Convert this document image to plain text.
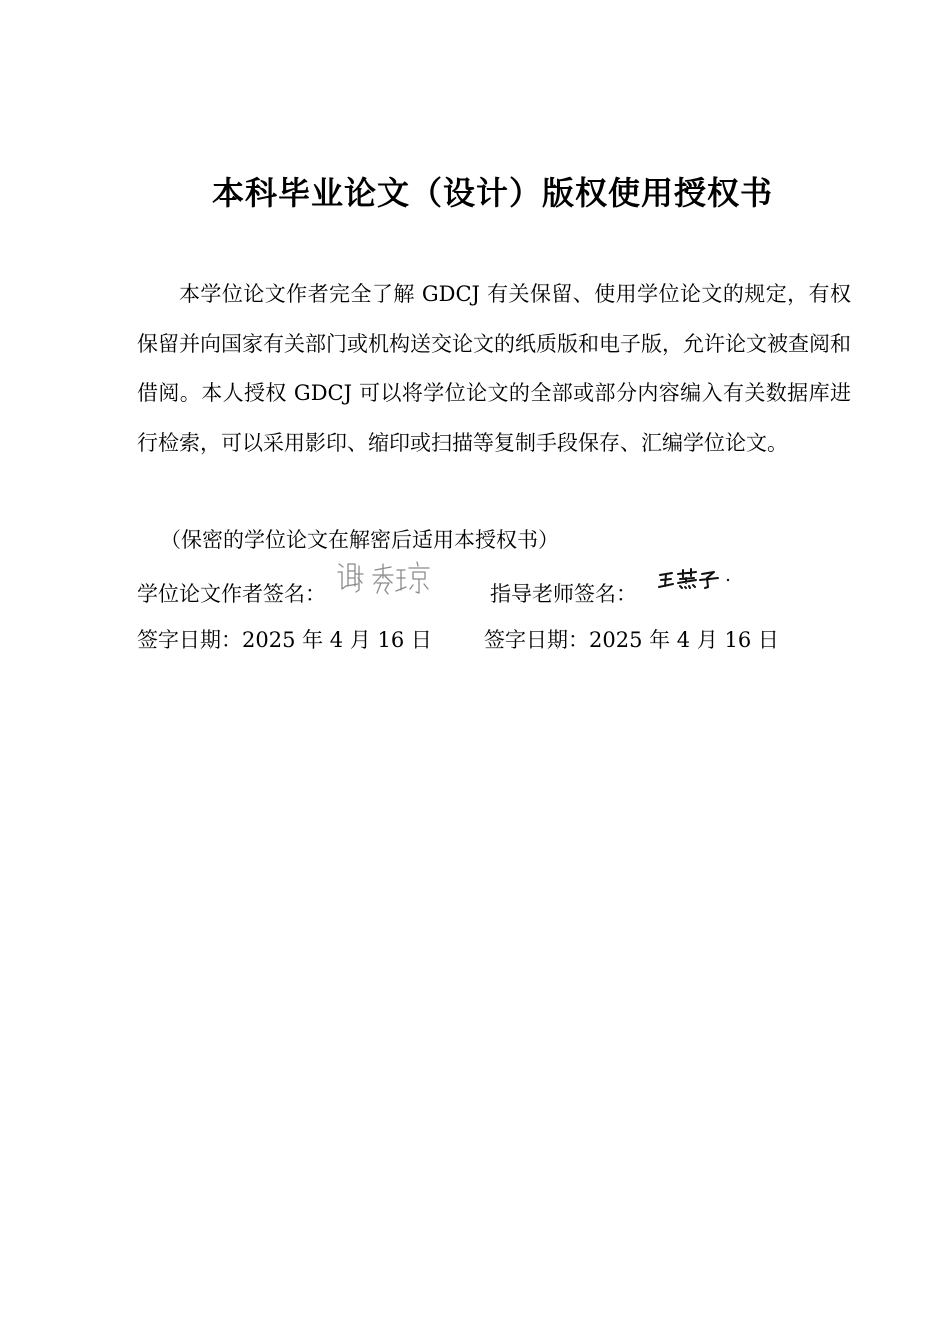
本科毕业论文（设计）版权使用授权书

本学位论文作者完全了解 GDCJ 有关保留、使用学位论文的规定，有权保留并向国家有关部门或机构送交论文的纸质版和电子版，允许论文被查阅和借阅。本人授权 GDCJ 可以将学位论文的全部或部分内容编入有关数据库进行检索，可以采用影印、缩印或扫描等复制手段保存、汇编学位论文。

（保密的学位论文在解密后适用本授权书）
学位论文作者签名：	指导老师签名：
签字日期：2025 年 4 月 16 日 签字日期：2025 年 4 月 16 日
